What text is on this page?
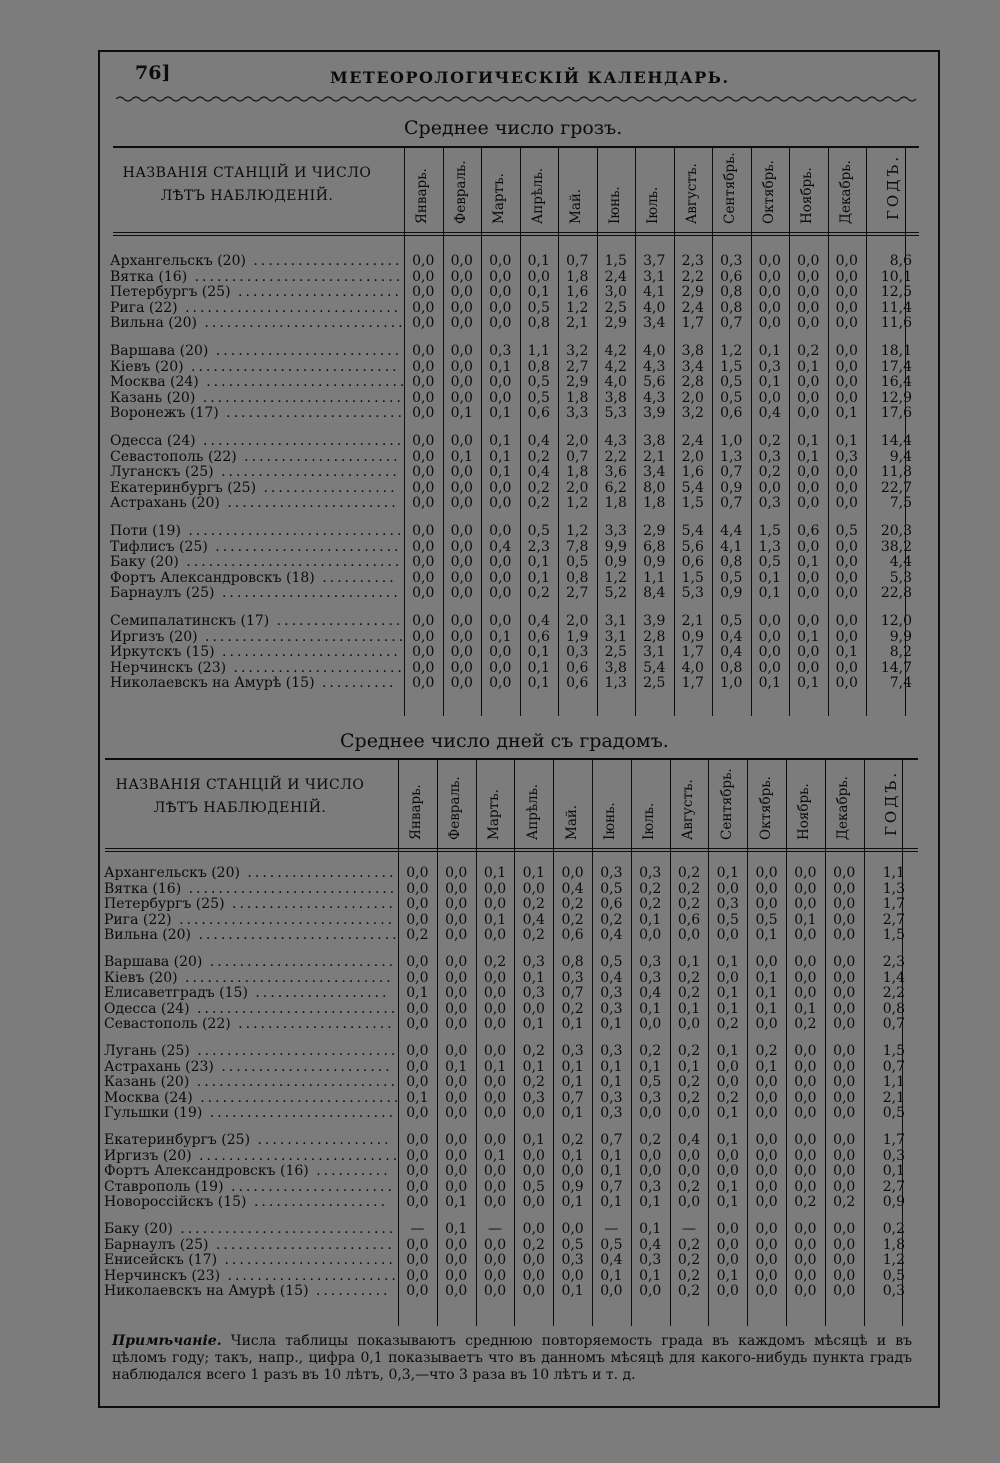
76]	МЕТЕОРОЛОГИЧЕСКІЙ КАЛЕНДАРЬ.
Среднее число грозъ.
НАЗВАНІЯ СТАНЦІЙ И ЧИСЛО ЛѢТЪ НАБЛЮДЕНІЙ.	Январь. Февраль. Мартъ. Апрѣль. Май. Іюнь. Іюль. Августъ. Сентябрь. Октябрь. Ноябрь. Декабрь. ГОДЪ.
Архангельскъ (20) .................... 0,0	0,0	0,0	0,1	0,7	1,5	3,7	2,3	0,3	0,0	0,0	0,0	8,6
Вятка (16) ............................ 0,0	0,0	0,0	0,0	1,8	2,4	3,1	2,2	0,6	0,0	0,0	0,0	10,1
Петербургъ (25) ...................... 0,0	0,0	0,0	0,1	1,6	3,0	4,1	2,9	0,8	0,0	0,0	0,0	12,5
Рига (22) ............................. 0,0	0,0	0,0	0,5	1,2	2,5	4,0	2,4	0,8	0,0	0,0	0,0	11,4
Вильна (20) ........................... 0,0	0,0	0,0	0,8	2,1	2,9	3,4	1,7	0,7	0,0	0,0	0,0	11,6
Варшава (20) ......................... 0,0	0,0	0,3	1,1	3,2	4,2	4,0	3,8	1,2	0,1	0,2	0,0	18,1
Кіевъ (20) ............................ 0,0	0,0	0,1	0,8	2,7	4,2	4,3	3,4	1,5	0,3	0,1	0,0	17,4
Москва (24) ........................... 0,0	0,0	0,0	0,5	2,9	4,0	5,6	2,8	0,5	0,1	0,0	0,0	16,4
Казань (20) ........................... 0,0	0,0	0,0	0,5	1,8	3,8	4,3	2,0	0,5	0,0	0,0	0,0	12,9
Воронежъ (17) ........................ 0,0	0,1	0,1	0,6	3,3	5,3	3,9	3,2	0,6	0,4	0,0	0,1	17,6
Одесса (24) ........................... 0,0	0,0	0,1	0,4	2,0	4,3	3,8	2,4	1,0	0,2	0,1	0,1	14,4
Севастополь (22) ..................... 0,0	0,1	0,1	0,2	0,7	2,2	2,1	2,0	1,3	0,3	0,1	0,3	9,4
Луганскъ (25) ........................ 0,0	0,0	0,1	0,4	1,8	3,6	3,4	1,6	0,7	0,2	0,0	0,0	11,8
Екатеринбургъ (25) ..................	0,0	0,0	0,0	0,2	2,0	6,2	8,0	5,4	0,9	0,0	0,0	0,0	22,7
Астрахань (20) ....................... 0,0	0,0	0,0	0,2	1,2	1,8	1,8	1,5	0,7	0,3	0,0	0,0	7,5
Поти (19) ............................. 0,0	0,0	0,0	0,5	1,2	3,3	2,9	5,4	4,4	1,5	0,6	0,5	20,3
Тифлисъ (25) ......................... 0,0	0,0	0,4	2,3	7,8	9,9	6,8	5,6	4,1	1,3	0,0	0,0	38,2
Баку (20) ............................. 0,0	0,0	0,0	0,1	0,5	0,9	0,9	0,6	0,8	0,5	0,1	0,0	4,4
Фортъ Александровскъ (18) ..........	0,0	0,0	0,0	0,1	0,8	1,2	1,1	1,5	0,5	0,1	0,0	0,0	5,3
Барнаулъ (25) ........................ 0,0	0,0	0,0	0,2	2,7	5,2	8,4	5,3	0,9	0,1	0,0	0,0	22,8
Семипалатинскъ (17) ................. 0,0	0,0	0,0	0,4	2,0	3,1	3,9	2,1	0,5	0,0	0,0	0,0	12,0
Иргизъ (20) ........................... 0,0	0,0	0,1	0,6	1,9	3,1	2,8	0,9	0,4	0,0	0,1	0,0	9,9
Иркутскъ (15) ........................ 0,0	0,0	0,0	0,1	0,3	2,5	3,1	1,7	0,4	0,0	0,0	0,1	8,2
Нерчинскъ (23) ....................... 0,0	0,0	0,0	0,1	0,6	3,8	5,4	4,0	0,8	0,0	0,0	0,0	14,7
Николаевскъ на Амурѣ (15) ..........	0,0	0,0	0,0	0,1	0,6	1,3	2,5	1,7	1,0	0,1	0,1	0,0	7,4
Среднее число дней съ градомъ.
НАЗВАНІЯ СТАНЦІЙ И ЧИСЛО ЛѢТЪ НАБЛЮДЕНІЙ.	Январь. Февраль. Мартъ. Апрѣль. Май. Іюнь. Іюль. Августъ. Сентябрь. Октябрь. Ноябрь. Декабрь. ГОДЪ.
Архангельскъ (20) .................... 0,0	0,0	0,1	0,1	0,0	0,3	0,3	0,2	0,1	0,0	0,0	0,0	1,1
Вятка (16) ............................ 0,0	0,0	0,0	0,0	0,4	0,5	0,2	0,2	0,0	0,0	0,0	0,0	1,3
Петербургъ (25) ...................... 0,0	0,0	0,0	0,2	0,2	0,6	0,2	0,2	0,3	0,0	0,0	0,0	1,7
Рига (22) ............................. 0,0	0,0	0,1	0,4	0,2	0,2	0,1	0,6	0,5	0,5	0,1	0,0	2,7
Вильна (20) ........................... 0,2	0,0	0,0	0,2	0,6	0,4	0,0	0,0	0,0	0,1	0,0	0,0	1,5
Варшава (20) ......................... 0,0	0,0	0,2	0,3	0,8	0,5	0,3	0,1	0,1	0,0	0,0	0,0	2,3
Кіевъ (20) ............................ 0,0	0,0	0,0	0,1	0,3	0,4	0,3	0,2	0,0	0,1	0,0	0,0	1,4
Елисаветградъ (15) ..................	0,1	0,0	0,0	0,3	0,7	0,3	0,4	0,2	0,1	0,1	0,0	0,0	2,2
Одесса (24) ........................... 0,0	0,0	0,0	0,0	0,2	0,3	0,1	0,1	0,1	0,1	0,1	0,0	0,8
Севастополь (22) ..................... 0,0	0,0	0,0	0,1	0,1	0,1	0,0	0,0	0,2	0,0	0,2	0,0	0,7
Лугань (25) ........................... 0,0	0,0	0,0	0,2	0,3	0,3	0,2	0,2	0,1	0,2	0,0	0,0	1,5
Астрахань (23) ....................... 0,0	0,1	0,1	0,1	0,1	0,1	0,1	0,1	0,0	0,1	0,0	0,0	0,7
Казань (20) ........................... 0,0	0,0	0,0	0,2	0,1	0,1	0,5	0,2	0,0	0,0	0,0	0,0	1,1
Москва (24) ........................... 0,1	0,0	0,0	0,3	0,7	0,3	0,3	0,2	0,2	0,0	0,0	0,0	2,1
Гульшки (19) ......................... 0,0	0,0	0,0	0,0	0,1	0,3	0,0	0,0	0,1	0,0	0,0	0,0	0,5
Екатеринбургъ (25) ..................	0,0	0,0	0,0	0,1	0,2	0,7	0,2	0,4	0,1	0,0	0,0	0,0	1,7
Иргизъ (20) ........................... 0,0	0,0	0,1	0,0	0,1	0,1	0,0	0,0	0,0	0,0	0,0	0,0	0,3
Фортъ Александровскъ (16) ..........	0,0	0,0	0,0	0,0	0,0	0,1	0,0	0,0	0,0	0,0	0,0	0,0	0,1
Ставрополь (19) ...................... 0,0	0,0	0,0	0,5	0,9	0,7	0,3	0,2	0,1	0,0	0,0	0,0	2,7
Новороссійскъ (15) ..................	0,0	0,1	0,0	0,0	0,1	0,1	0,1	0,0	0,1	0,0	0,2	0,2	0,9
Баку (20) .............................	—	0,1	—	0,0	0,0	—	0,1	—	0,0	0,0	0,0	0,0	0,2
Барнаулъ (25) ........................ 0,0	0,0	0,0	0,2	0,5	0,5	0,4	0,2	0,0	0,0	0,0	0,0	1,8
Енисейскъ (17) ....................... 0,0	0,0	0,0	0,0	0,3	0,4	0,3	0,2	0,0	0,0	0,0	0,0	1,2
Нерчинскъ (23) ....................... 0,0	0,0	0,0	0,0	0,0	0,1	0,1	0,2	0,1	0,0	0,0	0,0	0,5
Николаевскъ на Амурѣ (15) ..........	0,0	0,0	0,0	0,0	0,1	0,0	0,0	0,2	0,0	0,0	0,0	0,0	0,3
Примѣчаніе. Числа таблицы показываютъ среднюю повторяемость града въ каждомъ мѣсяцѣ и въ цѣломъ году; такъ, напр., цифра 0,1 показываетъ что въ данномъ мѣсяцѣ для какого-нибудь пункта градъ наблюдался всего 1 разъ въ 10 лѣтъ, 0,3,—что 3 раза въ 10 лѣтъ и т. д.
